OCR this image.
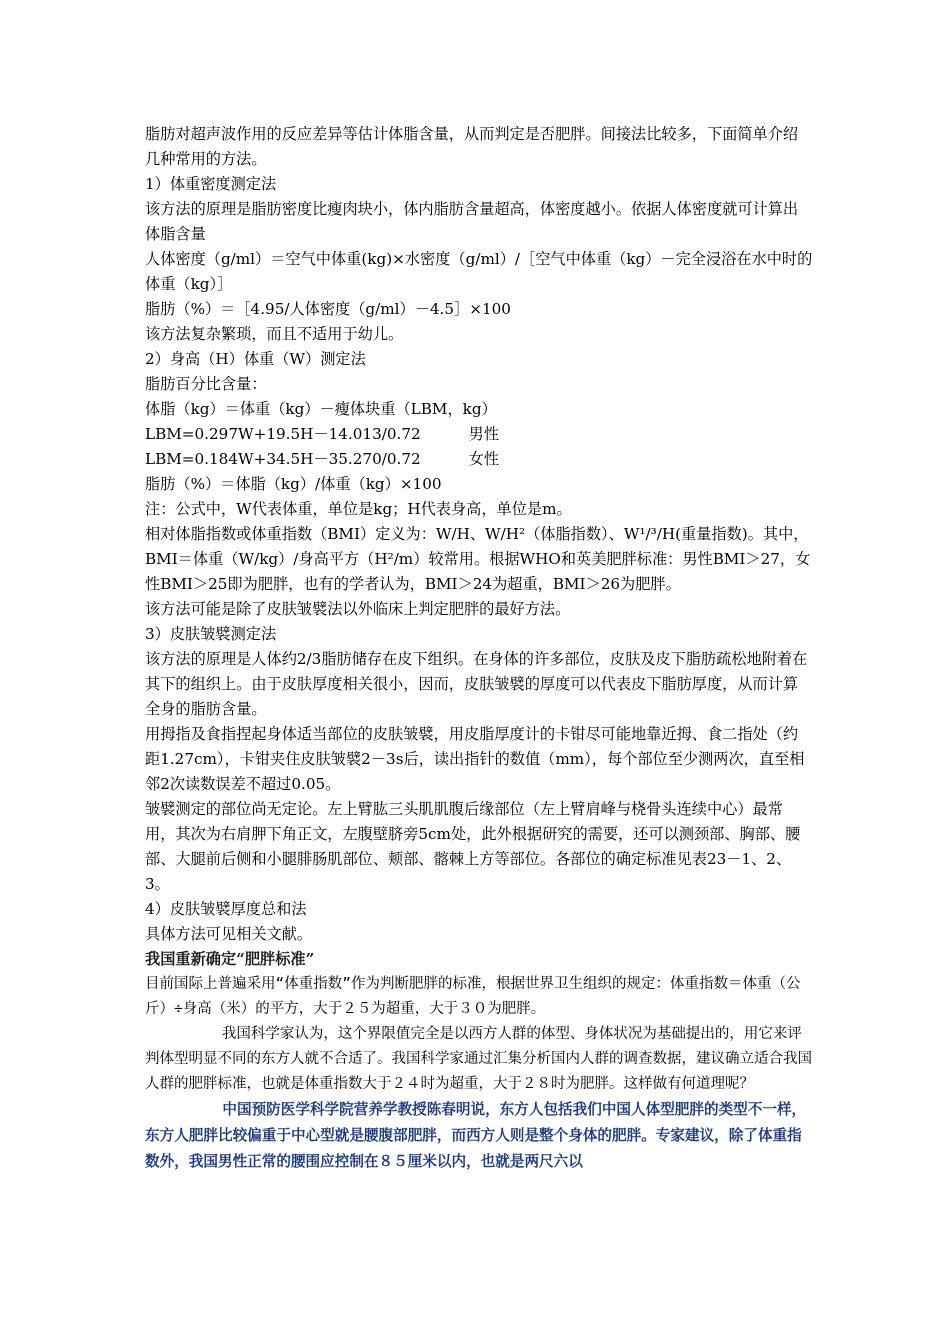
脂肪对超声波作用的反应差异等估计体脂含量，从而判定是否肥胖。间接法比较多，下面简单介绍几种常用的方法。

1）体重密度测定法

该方法的原理是脂肪密度比瘦肉块小，体内脂肪含量超高，体密度越小。依据人体密度就可计算出体脂含量

人体密度（g/ml）＝空气中体重(kg)×水密度（g/ml）/［空气中体重（kg）－完全浸浴在水中时的体重（kg）］

脂肪（%）＝［4.95/人体密度（g/ml）－4.5］×100

该方法复杂繁琐，而且不适用于幼儿。

2）身高（H）体重（W）测定法

脂肪百分比含量：

体脂（kg）＝体重（kg）－瘦体块重（LBM，kg）

LBM=0.297W+19.5H－14.013/0.72	男性

LBM=0.184W+34.5H－35.270/0.72	女性

脂肪（%）＝体脂（kg）/体重（kg）×100

注：公式中，W代表体重，单位是kg；H代表身高，单位是m。

相对体脂指数或体重指数（BMI）定义为：W/H、W/H²（体脂指数）、W¹/³/H(重量指数)。其中，BMI＝体重（W/kg）/身高平方（H²/m）较常用。根据WHO和英美肥胖标准：男性BMI＞27，女性BMI＞25即为肥胖，也有的学者认为，BMI＞24为超重，BMI＞26为肥胖。

该方法可能是除了皮肤皱襞法以外临床上判定肥胖的最好方法。

3）皮肤皱襞测定法

该方法的原理是人体约2/3脂肪储存在皮下组织。在身体的许多部位，皮肤及皮下脂肪疏松地附着在其下的组织上。由于皮肤厚度相关很小，因而，皮肤皱襞的厚度可以代表皮下脂肪厚度，从而计算全身的脂肪含量。

用拇指及食指捏起身体适当部位的皮肤皱襞，用皮脂厚度计的卡钳尽可能地靠近拇、食二指处（约距1.27cm），卡钳夹住皮肤皱襞2－3s后，读出指针的数值（mm），每个部位至少测两次，直至相邻2次读数误差不超过0.05。

皱襞测定的部位尚无定论。左上臂肱三头肌肌腹后缘部位（左上臂肩峰与桡骨头连续中心）最常用，其次为右肩胛下角正文，左腹壁脐旁5cm处，此外根据研究的需要，还可以测颈部、胸部、腰部、大腿前后侧和小腿腓肠肌部位、颊部、髂棘上方等部位。各部位的确定标准见表23－1、2、3。

4）皮肤皱襞厚度总和法

具体方法可见相关文献。

我国重新确定“肥胖标准”

目前国际上普遍采用“体重指数”作为判断肥胖的标准，根据世界卫生组织的规定：体重指数＝体重（公斤）÷身高（米）的平方，大于２５为超重，大于３０为肥胖。

我国科学家认为，这个界限值完全是以西方人群的体型、身体状况为基础提出的，用它来评判体型明显不同的东方人就不合适了。我国科学家通过汇集分析国内人群的调查数据，建议确立适合我国人群的肥胖标准，也就是体重指数大于２４时为超重，大于２８时为肥胖。这样做有何道理呢？

中国预防医学科学院营养学教授陈春明说，东方人包括我们中国人体型肥胖的类型不一样，东方人肥胖比较偏重于中心型就是腰腹部肥胖，而西方人则是整个身体的肥胖。专家建议，除了体重指数外，我国男性正常的腰围应控制在８５厘米以内，也就是两尺六以
